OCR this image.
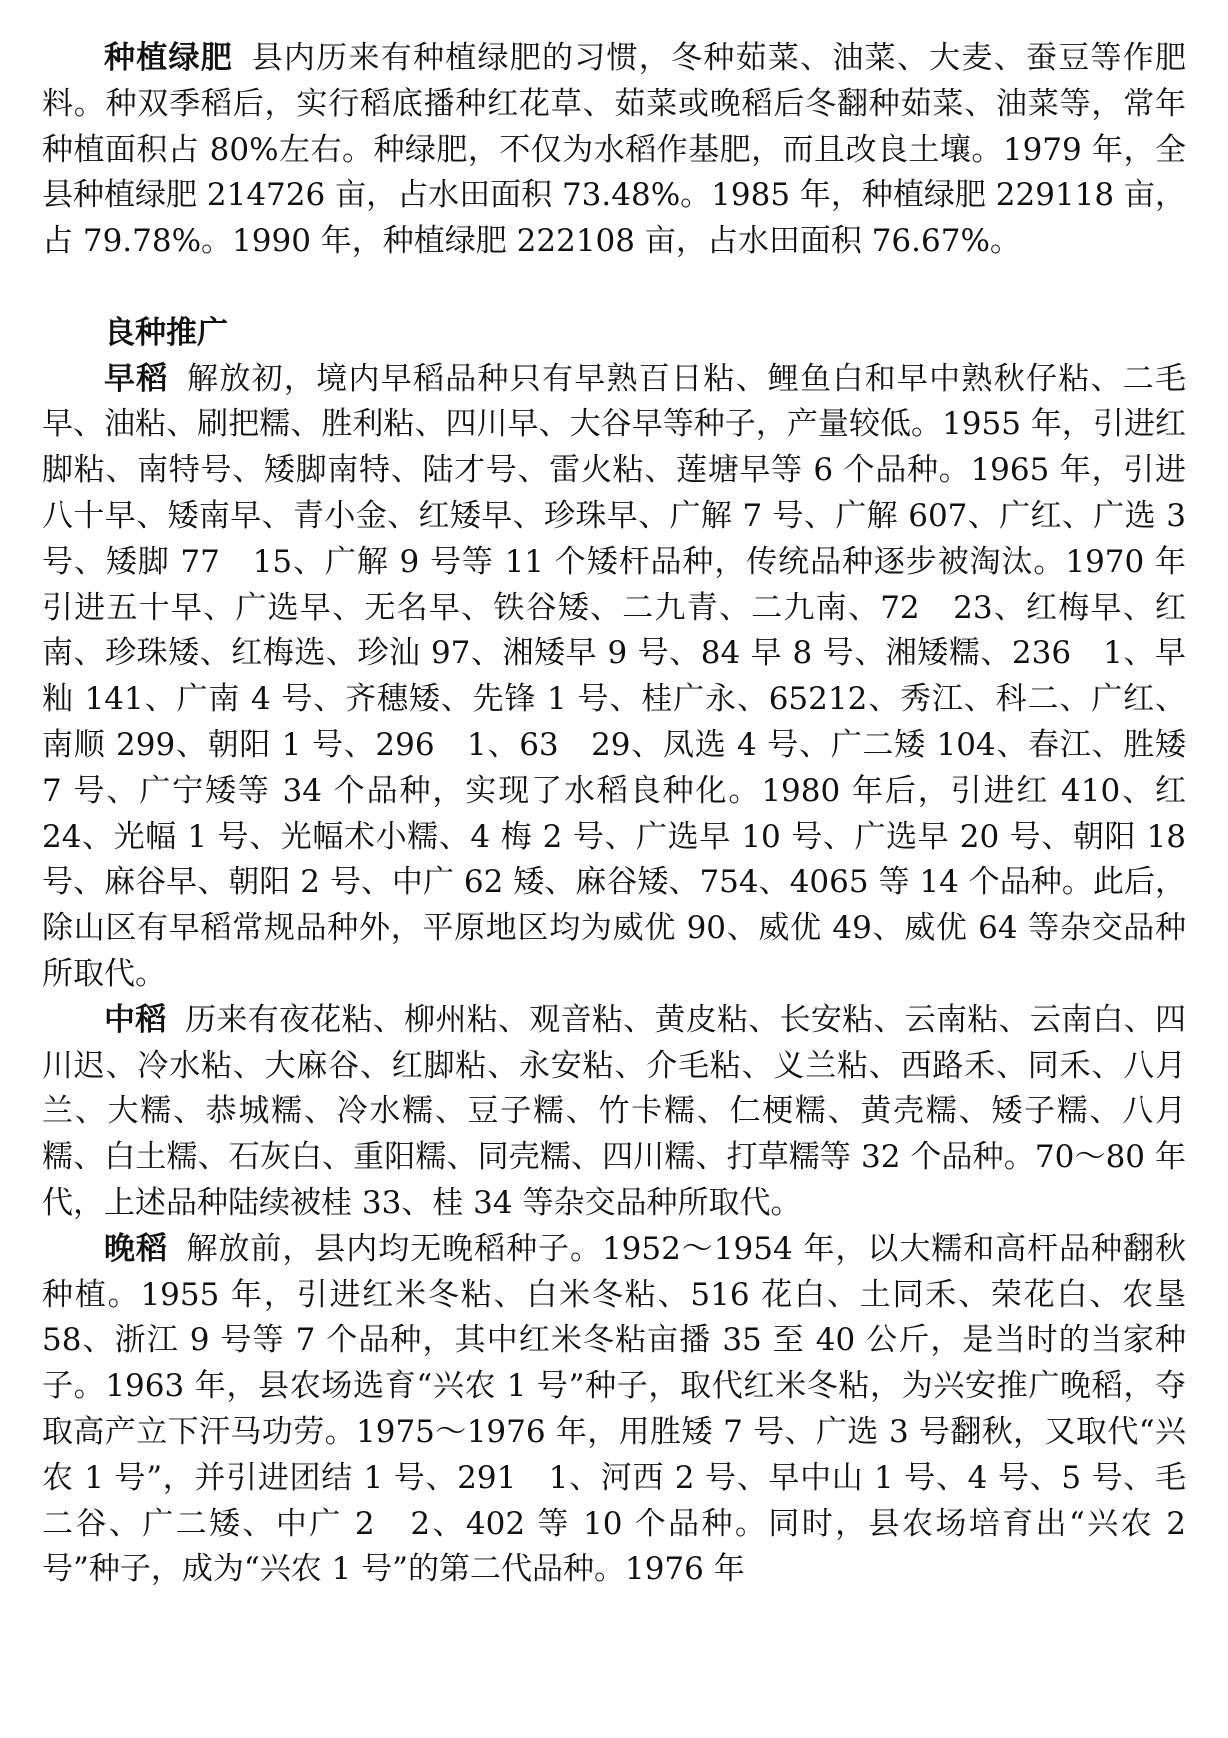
种植绿肥 县内历来有种植绿肥的习惯，冬种茹菜、油菜、大麦、蚕豆等作肥料。种双季稻后，实行稻底播种红花草、茹菜或晚稻后冬翻种茹菜、油菜等，常年种植面积占 80%左右。种绿肥，不仅为水稻作基肥，而且改良土壤。1979 年，全县种植绿肥 214726 亩，占水田面积 73.48%。1985 年，种植绿肥 229118 亩，占 79.78%。1990 年，种植绿肥 222108 亩，占水田面积 76.67%。

良种推广

早稻 解放初，境内早稻品种只有早熟百日粘、鲤鱼白和早中熟秋仔粘、二毛早、油粘、刷把糯、胜利粘、四川早、大谷早等种子，产量较低。1955 年，引进红脚粘、南特号、矮脚南特、陆才号、雷火粘、莲塘早等 6 个品种。1965 年，引进八十早、矮南早、青小金、红矮早、珍珠早、广解 7 号、广解 607、广红、广选 3 号、矮脚 77　15、广解 9 号等 11 个矮杆品种，传统品种逐步被淘汰。1970 年引进五十早、广选早、无名早、铁谷矮、二九青、二九南、72　23、红梅早、红南、珍珠矮、红梅选、珍汕 97、湘矮早 9 号、84 早 8 号、湘矮糯、236　1、早籼 141、广南 4 号、齐穗矮、先锋 1 号、桂广永、65212、秀江、科二、广红、南顺 299、朝阳 1 号、296　1、63　29、凤选 4 号、广二矮 104、春江、胜矮 7 号、广宁矮等 34 个品种，实现了水稻良种化。1980 年后，引进红 410、红 24、光幅 1 号、光幅术小糯、4 梅 2 号、广选早 10 号、广选早 20 号、朝阳 18 号、麻谷早、朝阳 2 号、中广 62 矮、麻谷矮、754、4065 等 14 个品种。此后，除山区有早稻常规品种外，平原地区均为威优 90、威优 49、威优 64 等杂交品种所取代。

中稻 历来有夜花粘、柳州粘、观音粘、黄皮粘、长安粘、云南粘、云南白、四川迟、冷水粘、大麻谷、红脚粘、永安粘、介毛粘、义兰粘、西路禾、同禾、八月兰、大糯、恭城糯、冷水糯、豆子糯、竹卡糯、仁梗糯、黄壳糯、矮子糯、八月糯、白土糯、石灰白、重阳糯、同壳糯、四川糯、打草糯等 32 个品种。70～80 年代，上述品种陆续被桂 33、桂 34 等杂交品种所取代。

晚稻 解放前，县内均无晚稻种子。1952～1954 年，以大糯和高杆品种翻秋种植。1955 年，引进红米冬粘、白米冬粘、516 花白、土同禾、荣花白、农垦 58、浙江 9 号等 7 个品种，其中红米冬粘亩播 35 至 40 公斤，是当时的当家种子。1963 年，县农场选育“兴农 1 号”种子，取代红米冬粘，为兴安推广晚稻，夺取高产立下汗马功劳。1975～1976 年，用胜矮 7 号、广选 3 号翻秋，又取代“兴农 1 号”，并引进团结 1 号、291　1、河西 2 号、早中山 1 号、4 号、5 号、毛二谷、广二矮、中广 2　2、402 等 10 个品种。同时，县农场培育出“兴农 2 号”种子，成为“兴农 1 号”的第二代品种。1976 年
